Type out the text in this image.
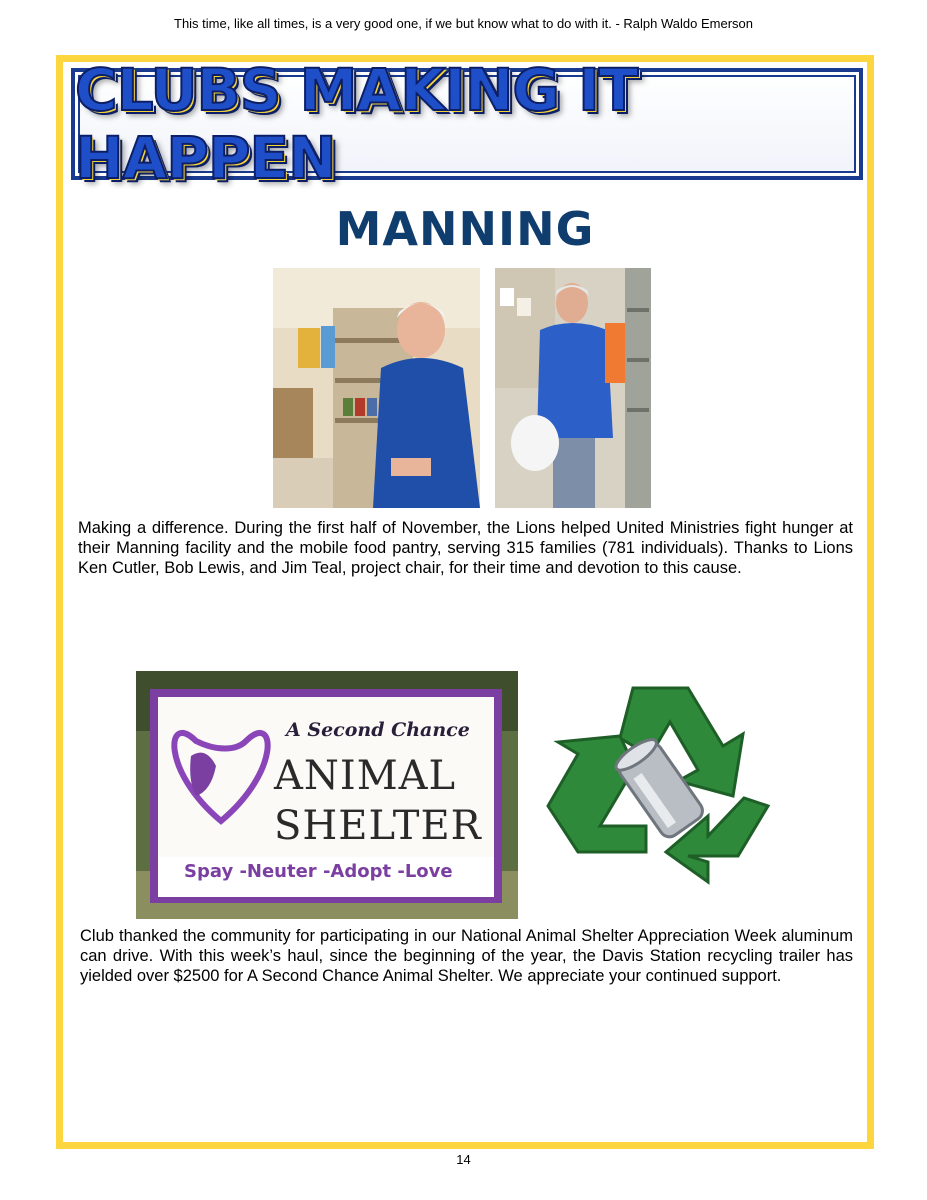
This time, like all times, is a very good one, if we but know what to do with it. - Ralph Waldo Emerson
CLUBS MAKING IT HAPPEN
MANNING
Making a difference. During the first half of November, the Lions helped United Ministries fight hunger at their Manning facility and the mobile food pantry, serving 315 families (781 individuals). Thanks to Lions Ken Cutler, Bob Lewis, and Jim Teal, project chair, for their time and devotion to this cause.
A Second Chance
ANIMAL
SHELTER
Spay -Neuter -Adopt -Love
Club thanked the community for participating in our National Animal Shelter Appreciation Week aluminum can drive. With this week’s haul, since the beginning of the year, the Davis Station recycling trailer has yielded over $2500 for A Second Chance Animal Shelter. We appreciate your continued support.
14
